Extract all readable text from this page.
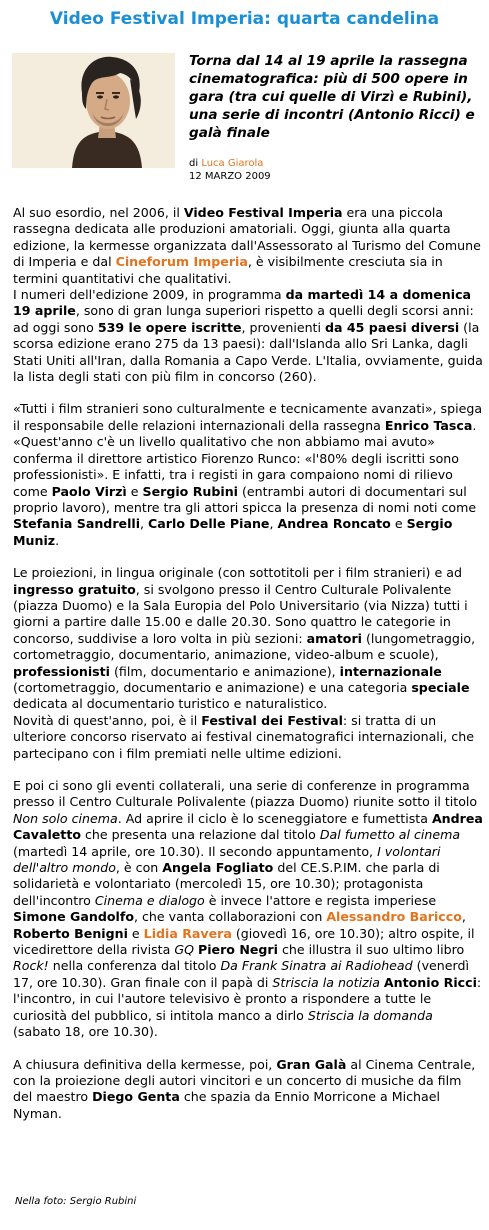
Video Festival Imperia: quarta candelina
Torna dal 14 al 19 aprile la rassegna cinematografica: più di 500 opere in gara (tra cui quelle di Virzì e Rubini), una serie di incontri (Antonio Ricci) e galà finale
di Luca Giarola
12 MARZO 2009

Al suo esordio, nel 2006, il Video Festival Imperia era una piccola rassegna dedicata alle produzioni amatoriali. Oggi, giunta alla quarta edizione, la kermesse organizzata dall'Assessorato al Turismo del Comune di Imperia e dal Cineforum Imperia, è visibilmente cresciuta sia in termini quantitativi che qualitativi.
I numeri dell'edizione 2009, in programma da martedì 14 a domenica 19 aprile, sono di gran lunga superiori rispetto a quelli degli scorsi anni: ad oggi sono 539 le opere iscritte, provenienti da 45 paesi diversi (la scorsa edizione erano 275 da 13 paesi): dall'Islanda allo Sri Lanka, dagli Stati Uniti all'Iran, dalla Romania a Capo Verde. L'Italia, ovviamente, guida la lista degli stati con più film in concorso (260).

«Tutti i film stranieri sono culturalmente e tecnicamente avanzati», spiega il responsabile delle relazioni internazionali della rassegna Enrico Tasca. «Quest'anno c'è un livello qualitativo che non abbiamo mai avuto» conferma il direttore artistico Fiorenzo Runco: «l'80% degli iscritti sono professionisti». E infatti, tra i registi in gara compaiono nomi di rilievo come Paolo Virzì e Sergio Rubini (entrambi autori di documentari sul proprio lavoro), mentre tra gli attori spicca la presenza di nomi noti come Stefania Sandrelli, Carlo Delle Piane, Andrea Roncato e Sergio Muniz.

Le proiezioni, in lingua originale (con sottotitoli per i film stranieri) e ad ingresso gratuito, si svolgono presso il Centro Culturale Polivalente (piazza Duomo) e la Sala Europia del Polo Universitario (via Nizza) tutti i giorni a partire dalle 15.00 e dalle 20.30. Sono quattro le categorie in concorso, suddivise a loro volta in più sezioni: amatori (lungometraggio, cortometraggio, documentario, animazione, video-album e scuole), professionisti (film, documentario e animazione), internazionale (cortometraggio, documentario e animazione) e una categoria speciale dedicata al documentario turistico e naturalistico.
Novità di quest'anno, poi, è il Festival dei Festival: si tratta di un ulteriore concorso riservato ai festival cinematografici internazionali, che partecipano con i film premiati nelle ultime edizioni.

E poi ci sono gli eventi collaterali, una serie di conferenze in programma presso il Centro Culturale Polivalente (piazza Duomo) riunite sotto il titolo Non solo cinema. Ad aprire il ciclo è lo sceneggiatore e fumettista Andrea Cavaletto che presenta una relazione dal titolo Dal fumetto al cinema (martedì 14 aprile, ore 10.30). Il secondo appuntamento, I volontari dell'altro mondo, è con Angela Fogliato del CE.S.P.IM. che parla di solidarietà e volontariato (mercoledì 15, ore 10.30); protagonista dell'incontro Cinema e dialogo è invece l'attore e regista imperiese Simone Gandolfo, che vanta collaborazioni con Alessandro Baricco, Roberto Benigni e Lidia Ravera (giovedì 16, ore 10.30); altro ospite, il vicedirettore della rivista GQ Piero Negri che illustra il suo ultimo libro Rock! nella conferenza dal titolo Da Frank Sinatra ai Radiohead (venerdì 17, ore 10.30). Gran finale con il papà di Striscia la notizia Antonio Ricci: l'incontro, in cui l'autore televisivo è pronto a rispondere a tutte le curiosità del pubblico, si intitola manco a dirlo Striscia la domanda (sabato 18, ore 10.30).

A chiusura definitiva della kermesse, poi, Gran Galà al Cinema Centrale, con la proiezione degli autori vincitori e un concerto di musiche da film del maestro Diego Genta che spazia da Ennio Morricone a Michael Nyman.

Nella foto: Sergio Rubini
